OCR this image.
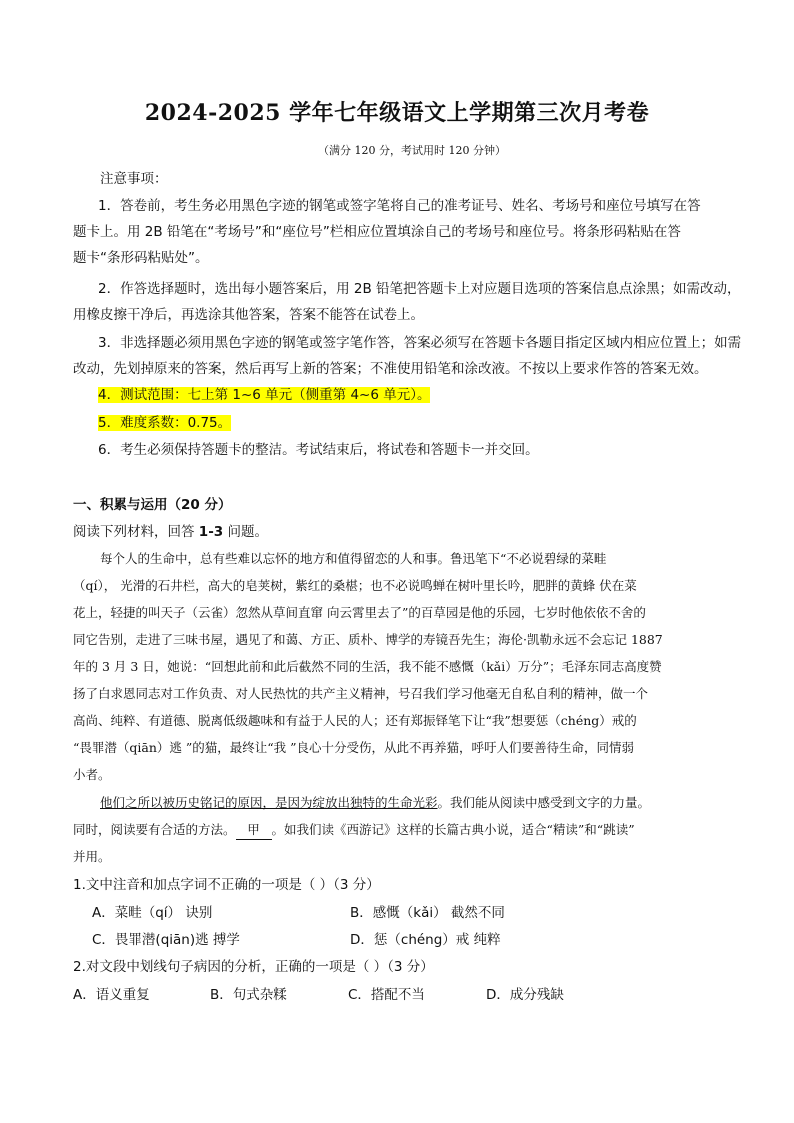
2024-2025 学年七年级语文上学期第三次月考卷
（满分 120 分，考试用时 120 分钟）
注意事项：
1．答卷前，考生务必用黑色字迹的钢笔或签字笔将自己的准考证号、姓名、考场号和座位号填写在答
题卡上。用 2B 铅笔在“考场号”和“座位号”栏相应位置填涂自己的考场号和座位号。将条形码粘贴在答
题卡“条形码粘贴处”。
2．作答选择题时，选出每小题答案后，用 2B 铅笔把答题卡上对应题目选项的答案信息点涂黑；如需改动，
用橡皮擦干净后，再选涂其他答案，答案不能答在试卷上。
3．非选择题必须用黑色字迹的钢笔或签字笔作答，答案必须写在答题卡各题目指定区域内相应位置上；如需
改动，先划掉原来的答案，然后再写上新的答案；不准使用铅笔和涂改液。不按以上要求作答的答案无效。
4．测试范围：七上第 1~6 单元（侧重第 4~6 单元）。
5．难度系数：0.75。
6．考生必须保持答题卡的整洁。考试结束后，将试卷和答题卡一并交回。
一、积累与运用（20 分）
阅读下列材料，回答 1-3 问题。
每个人的生命中，总有些难以忘怀的地方和值得留恋的人和事。鲁迅笔下“不必说碧绿的菜畦
（qí）， 光滑的石井栏，高大的皂荚树，紫红的桑椹；也不必说鸣蝉在树叶里长吟，肥胖的黄蜂 伏在菜
花上，轻捷的叫天子（云雀）忽然从草间直窜 向云霄里去了”的百草园是他的乐园，七岁时他依依不舍的
同它告别，走进了三味书屋，遇见了和蔼、方正、质朴、博学的寿镜吾先生；海伦·凯勒永远不会忘记 1887
年的 3 月 3 日，她说：“回想此前和此后截然不同的生活，我不能不感慨（kǎi）万分”；毛泽东同志高度赞
扬了白求恩同志对工作负责、对人民热忱的共产主义精神，号召我们学习他毫无自私自利的精神，做一个
高尚、纯粹、有道德、脱离低级趣味和有益于人民的人；还有郑振铎笔下让“我”想要惩（chéng）戒的
“畏罪潜（qiān）逃 ”的猫，最终让“我 ”良心十分受伤，从此不再养猫，呼吁人们要善待生命，同情弱
小者。
他们之所以被历史铭记的原因，是因为绽放出独特的生命光彩。我们能从阅读中感受到文字的力量。
同时，阅读要有合适的方法。 甲 。如我们读《西游记》这样的长篇古典小说，适合“精读”和“跳读”
并用。
1.文中注音和加点字词不正确的一项是（ ）（3 分）
A．菜畦（qí） 诀别	B．感慨（kǎi） 截然不同
C．畏罪潜(qiān)逃 搏学	D．惩（chéng）戒 纯粹
2.对文段中划线句子病因的分析，正确的一项是（ ）（3 分）
A．语义重复	B．句式杂糅	C．搭配不当	D．成分残缺
